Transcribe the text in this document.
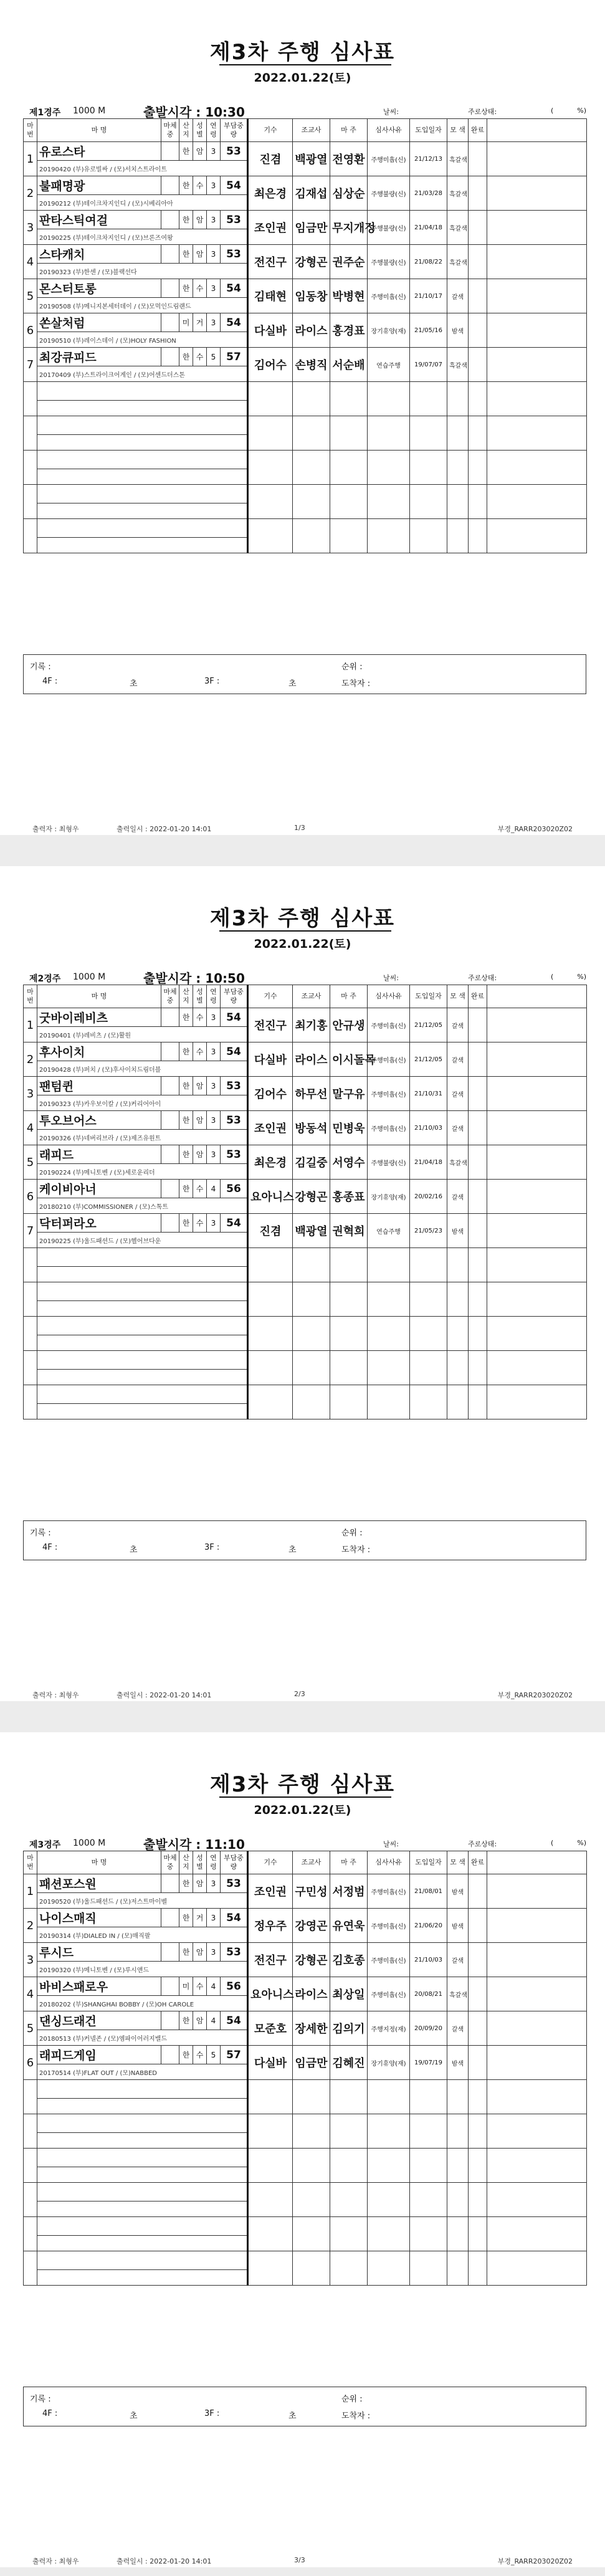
제3차 주행 심사표
2022.01.22(토)
제1경주 1000 M	출발시각 : 10:30	날씨:	주로상태:	(	%)
마번	마 명	마체중	산지	성별	연령	부담중량	기수	조교사	마 주	심사사유	도입일자	모 색	완료		
1	유로스타		한	암	3	53	진겸	백광열	전영환	주행미흡(신)	21/12/13	흑갈색			
	20190420 (부)유로빌싸 / (모)서치스트라이트														
2	불패명광		한	수	3	54	최은경	김재섭	심상순	주행불량(신)	21/03/28	흑갈색			
	20190212 (부)테이크차지인디 / (모)시베리아아														
3	판타스틱여걸		한	암	3	53	조인권	임금만	무지개정	주행불량(신)	21/04/18	흑갈색			
	20190225 (부)테이크차지인디 / (모)브론즈여왕														
4	스타캐치		한	암	3	53	전진구	강형곤	권주순	주행불량(신)	21/08/22	흑갈색			
	20190323 (부)한센 / (모)블랙선다														
5	몬스터토롱		한	수	3	54	김태현	임동창	박병현	주행미흡(신)	21/10/17	갈색			
	20190508 (부)메니지본세터데이 / (모)모먹인드림랜드														
6	쏜살처럼		미	거	3	54	다실바	라이스	홍경표	장기휴양(재)	21/05/16	밤색			
	20190510 (부)레이스데이 / (모)HOLY FASHION														
7	최강큐피드		한	수	5	57	김어수	손병직	서순배	연습주행	19/07/07	흑갈색			
	20170409 (부)스트라이크어게인 / (모)어센드더스톤														

기록 :	순위 :
4F :	초	3F :	초	도착자 :
출력자 : 최형우	출력일시 : 2022-01-20 14:01	1/3	부경_RARR203020Z02
제3차 주행 심사표
2022.01.22(토)
제2경주 1000 M	출발시각 : 10:50	날씨:	주로상태:	(	%)
마번	마 명	마체중	산지	성별	연령	부담중량	기수	조교사	마 주	심사사유	도입일자	모 색	완료		
1	굿바이레비츠		한	수	3	54	전진구	최기홍	안규생	주행미흡(신)	21/12/05	갈색			
	20190401 (부)레비츠 / (모)활원														
2	후사이치		한	수	3	54	다실바	라이스	이시돌목	주행미흡(신)	21/12/05	갈색			
	20190428 (부)퍼치 / (모)후사이치드림더블														
3	팬텀퀸		한	암	3	53	김어수	하무선	말구유	주행미흡(신)	21/10/31	갈색			
	20190323 (부)카우보이칼 / (모)커리어아이														
4	투오브어스		한	암	3	53	조인권	방동석	민병욱	주행미흡(신)	21/10/03	갈색			
	20190326 (부)네버리브라 / (모)제즈유원트														
5	래피드		한	암	3	53	최은경	김길중	서영수	주행불량(신)	21/04/18	흑갈색			
	20190224 (부)메니토벤 / (모)세로운리더														
6	케이비아너		한	수	4	56	요아니스	강형곤	홍종표	장기휴양(재)	20/02/16	갈색			
	20180210 (부)COMMISSIONER / (모)스톡트														
7	닥터퍼라오		한	수	3	54	진겸	백광열	권혁희	연습주행	21/05/23	밤색			
	20190225 (부)울드패션드 / (모)헬어브다운														

기록 :	순위 :
4F :	초	3F :	초	도착자 :
출력자 : 최형우	출력일시 : 2022-01-20 14:01	2/3	부경_RARR203020Z02
제3차 주행 심사표
2022.01.22(토)
제3경주 1000 M	출발시각 : 11:10	날씨:	주로상태:	(	%)
마번	마 명	마체중	산지	성별	연령	부담중량	기수	조교사	마 주	심사사유	도입일자	모 색	완료		
1	패션포스원		한	암	3	53	조인권	구민성	서정범	주행미흡(신)	21/08/01	밤색			
	20190520 (부)울드패션드 / (모)저스트마이벨														
2	나이스매직		한	거	3	54	정우주	강영곤	유연욱	주행미흡(신)	21/06/20	밤색			
	20190314 (부)DIALED IN / (모)매직팔														
3	루시드		한	암	3	53	전진구	강형곤	김호종	주행미흡(신)	21/10/03	갈색			
	20190320 (부)메니토벤 / (모)루시앤드														
4	바비스패로우		미	수	4	56	요아니스	라이스	최상일	주행미흡(신)	20/08/21	흑갈색			
	20180202 (부)SHANGHAI BOBBY / (모)OH CAROLE														
5	댄싱드래건		한	암	4	54	모준호	장세한	김의기	주행지정(재)	20/09/20	갈색			
	20180513 (부)커넬존 / (모)엠파이어러지밸드														
6	래피드게임		한	수	5	57	다실바	임금만	김혜진	장기휴양(재)	19/07/19	밤색			
	20170514 (부)FLAT OUT / (모)NABBED														

기록 :	순위 :
4F :	초	3F :	초	도착자 :
출력자 : 최형우	출력일시 : 2022-01-20 14:01	3/3	부경_RARR203020Z02
